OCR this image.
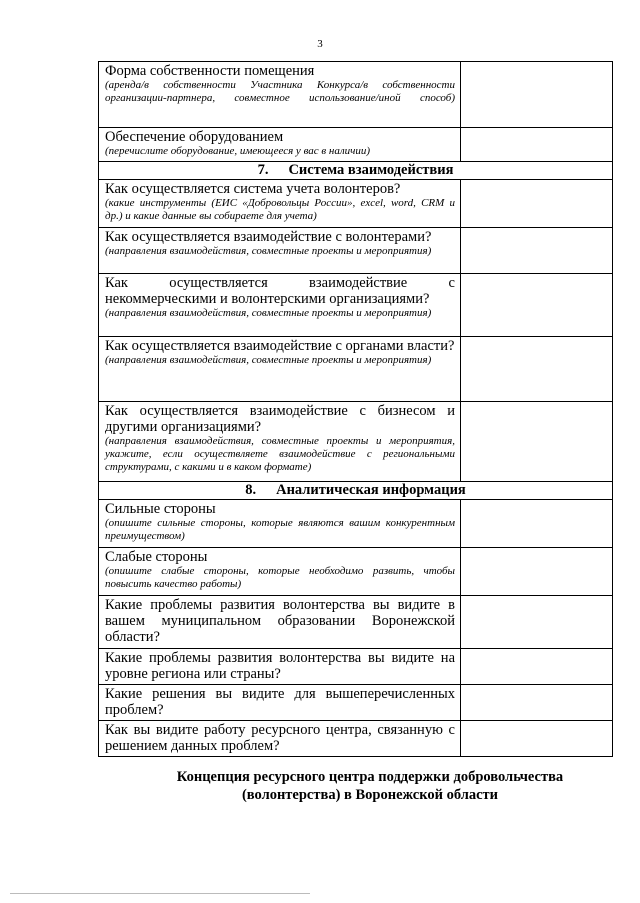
3
Форма собственности помещения
(аренда/в собственности Участника Конкурса/в собственности организации-партнера, совместное использование/иной способ)	

Обеспечение оборудованием
(перечислите оборудование, имеющееся у вас в наличии)	

7. Система взаимодействия	

Как осуществляется система учета волонтеров?
(какие инструменты (ЕИС «Добровольцы России», excel, word, CRM и др.) и какие данные вы собираете для учета)	

Как осуществляется взаимодействие с волонтерами?
(направления взаимодействия, совместные проекты и мероприятия)	

Как осуществляется взаимодействие с некоммерческими и волонтерскими организациями?
(направления взаимодействия, совместные проекты и мероприятия)	

Как осуществляется взаимодействие с органами власти?
(направления взаимодействия, совместные проекты и мероприятия)	

Как осуществляется взаимодействие с бизнесом и другими организациями?
(направления взаимодействия, совместные проекты и мероприятия, укажите, если осуществляете взаимодействие с региональными структурами, с какими и в каком формате)	

8. Аналитическая информация	

Сильные стороны
(опишите сильные стороны, которые являются вашим конкурентным преимуществом)	

Слабые стороны
(опишите слабые стороны, которые необходимо развить, чтобы повысить качество работы)	

Какие проблемы развития волонтерства вы видите в вашем муниципальном образовании Воронежской области?	

Какие проблемы развития волонтерства вы видите на уровне региона или страны?	

Какие решения вы видите для вышеперечисленных проблем?	

Как вы видите работу ресурсного центра, связанную с решением данных проблем?	

Концепция ресурсного центра поддержки добровольчества (волонтерства) в Воронежской области
